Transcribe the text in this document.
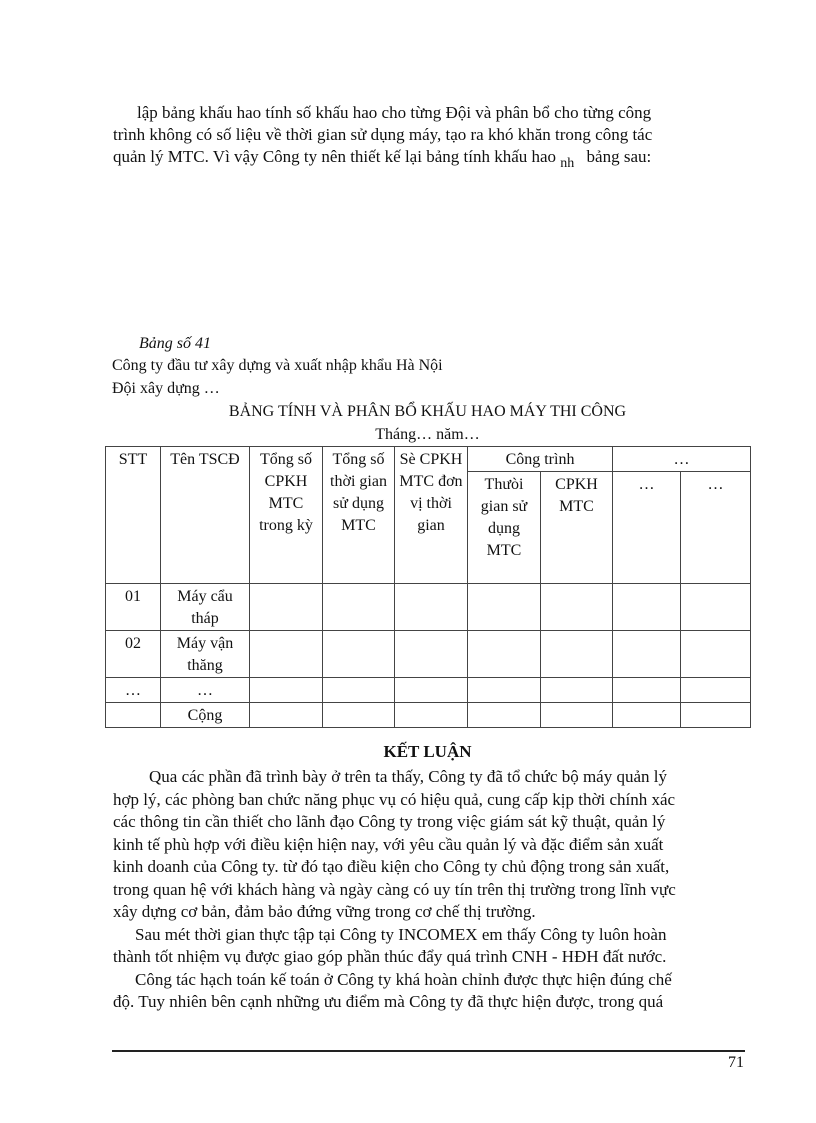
lập bảng khấu hao tính số khấu hao cho từng Đội và phân bổ cho từng công
trình không có số liệu về thời gian sử dụng máy, tạo ra khó khăn trong công tác
quản lý MTC. Vì vậy Công ty nên thiết kế lại bảng tính khấu hao $_{nh}$ bảng sau:
Bảng số 41
Công ty đầu tư xây dựng và xuất nhập khẩu Hà Nội
Đội xây dựng …
BẢNG TÍNH VÀ PHÂN BỔ KHẤU HAO MÁY THI CÔNG
Tháng… năm…
STT	Tên TSCĐ	Tổng số CPKH MTC trong kỳ	Tổng số thời gian sử dụng MTC	Sè CPKH MTC đơn vị thời gian	Công trình		…	
					Thưòi gian sử dụng MTC	CPKH MTC	…	…
01	Máy cẩu tháp							
02	Máy vận thăng							
…	…							
	Cộng							
KẾT LUẬN
Qua các phần đã trình bày ở trên ta thấy, Công ty đã tổ chức bộ máy quản lý
hợp lý, các phòng ban chức năng phục vụ có hiệu quả, cung cấp kịp thời chính xác
các thông tin cần thiết cho lãnh đạo Công ty trong việc giám sát kỹ thuật, quản lý
kinh tế phù hợp với điều kiện hiện nay, với yêu cầu quản lý và đặc điểm sản xuất
kinh doanh của Công ty. từ đó tạo điều kiện cho Công ty chủ động trong sản xuất,
trong quan hệ với khách hàng và ngày càng có uy tín trên thị trường trong lĩnh vực
xây dựng cơ bản, đảm bảo đứng vững trong cơ chế thị trường.
Sau mét thời gian thực tập tại Công ty INCOMEX em thấy Công ty luôn hoàn
thành tốt nhiệm vụ được giao góp phần thúc đẩy quá trình CNH - HĐH đất nước.
Công tác hạch toán kế toán ở Công ty khá hoàn chỉnh được thực hiện đúng chế
độ. Tuy nhiên bên cạnh những ưu điểm mà Công ty đã thực hiện được, trong quá
71
